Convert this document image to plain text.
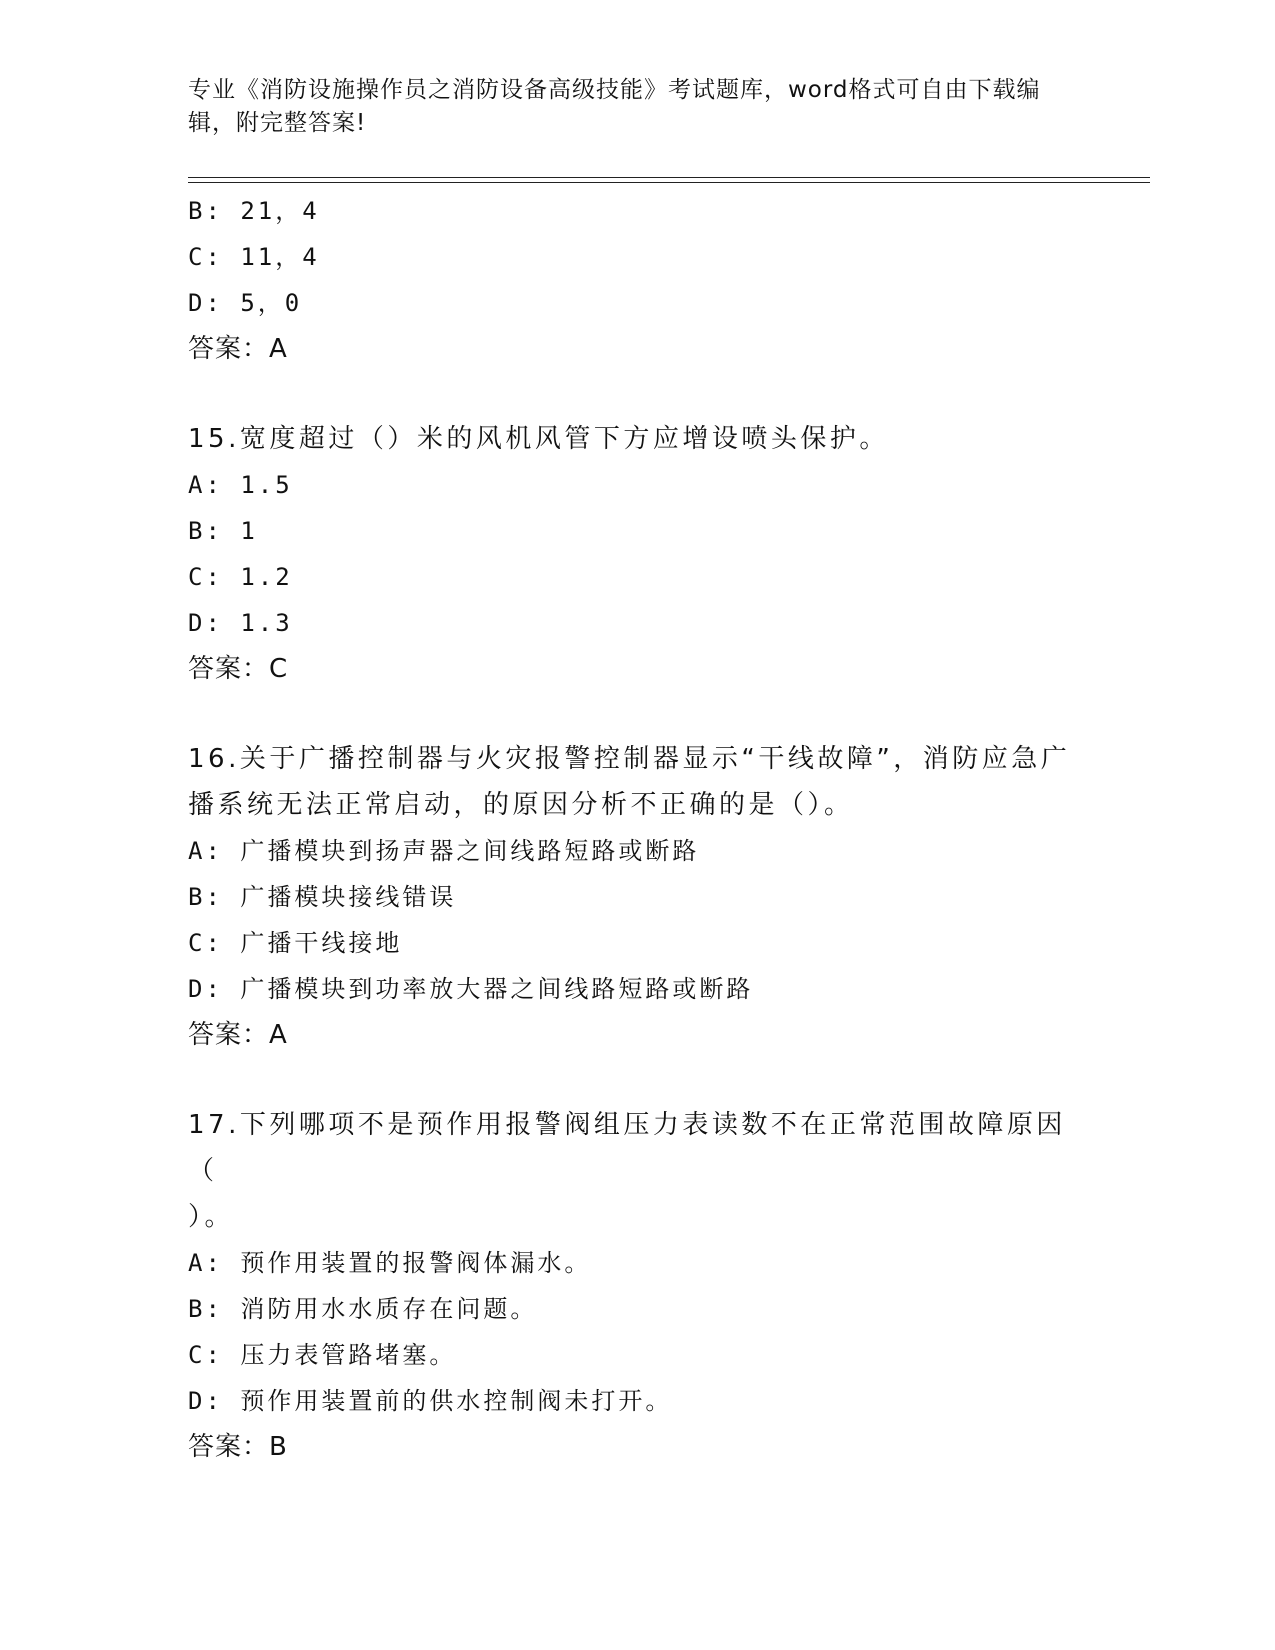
专业《消防设施操作员之消防设备高级技能》考试题库，word格式可自由下载编
辑，附完整答案!
B: 21，4
C: 11，4
D: 5，0
答案：A
15.宽度超过（）米的风机风管下方应增设喷头保护。
A: 1.5
B: 1
C: 1.2
D: 1.3
答案：C
16.关于广播控制器与火灾报警控制器显示“干线故障”，消防应急广
播系统无法正常启动，的原因分析不正确的是（）。
A: 广播模块到扬声器之间线路短路或断路
B: 广播模块接线错误
C: 广播干线接地
D: 广播模块到功率放大器之间线路短路或断路
答案：A
17.下列哪项不是预作用报警阀组压力表读数不在正常范围故障原因（
）。
A: 预作用装置的报警阀体漏水。
B: 消防用水水质存在问题。
C: 压力表管路堵塞。
D: 预作用装置前的供水控制阀未打开。
答案：B
